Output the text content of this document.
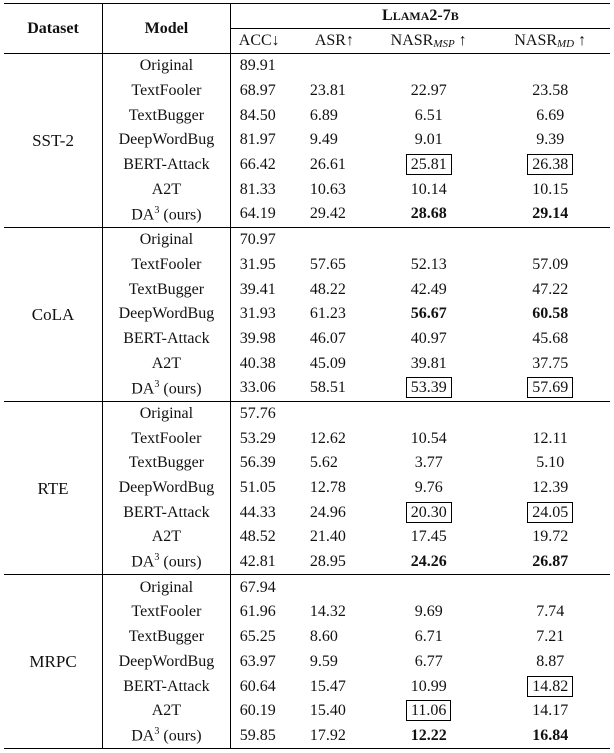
Dataset	Model	LLAMA2-7B			
		ACC↓	ASR↑	NASRMSP ↑	NASRMD ↑
SST-2	Original	89.91			
	TextFooler	68.97	23.81	22.97	23.58
	TextBugger	84.50	6.89	6.51	6.69
	DeepWordBug	81.97	9.49	9.01	9.39
	BERT-Attack	66.42	26.61	25.81	26.38
	A2T	81.33	10.63	10.14	10.15
	$DA^3$ (ours)	64.19	29.42	28.68	29.14
CoLA	Original	70.97			
	TextFooler	31.95	57.65	52.13	57.09
	TextBugger	39.41	48.22	42.49	47.22
	DeepWordBug	31.93	61.23	56.67	60.58
	BERT-Attack	39.98	46.07	40.97	45.68
	A2T	40.38	45.09	39.81	37.75
	$DA^3$ (ours)	33.06	58.51	53.39	57.69
RTE	Original	57.76			
	TextFooler	53.29	12.62	10.54	12.11
	TextBugger	56.39	5.62	3.77	5.10
	DeepWordBug	51.05	12.78	9.76	12.39
	BERT-Attack	44.33	24.96	20.30	24.05
	A2T	48.52	21.40	17.45	19.72
	$DA^3$ (ours)	42.81	28.95	24.26	26.87
MRPC	Original	67.94			
	TextFooler	61.96	14.32	9.69	7.74
	TextBugger	65.25	8.60	6.71	7.21
	DeepWordBug	63.97	9.59	6.77	8.87
	BERT-Attack	60.64	15.47	10.99	14.82
	A2T	60.19	15.40	11.06	14.17
	$DA^3$ (ours)	59.85	17.92	12.22	16.84
